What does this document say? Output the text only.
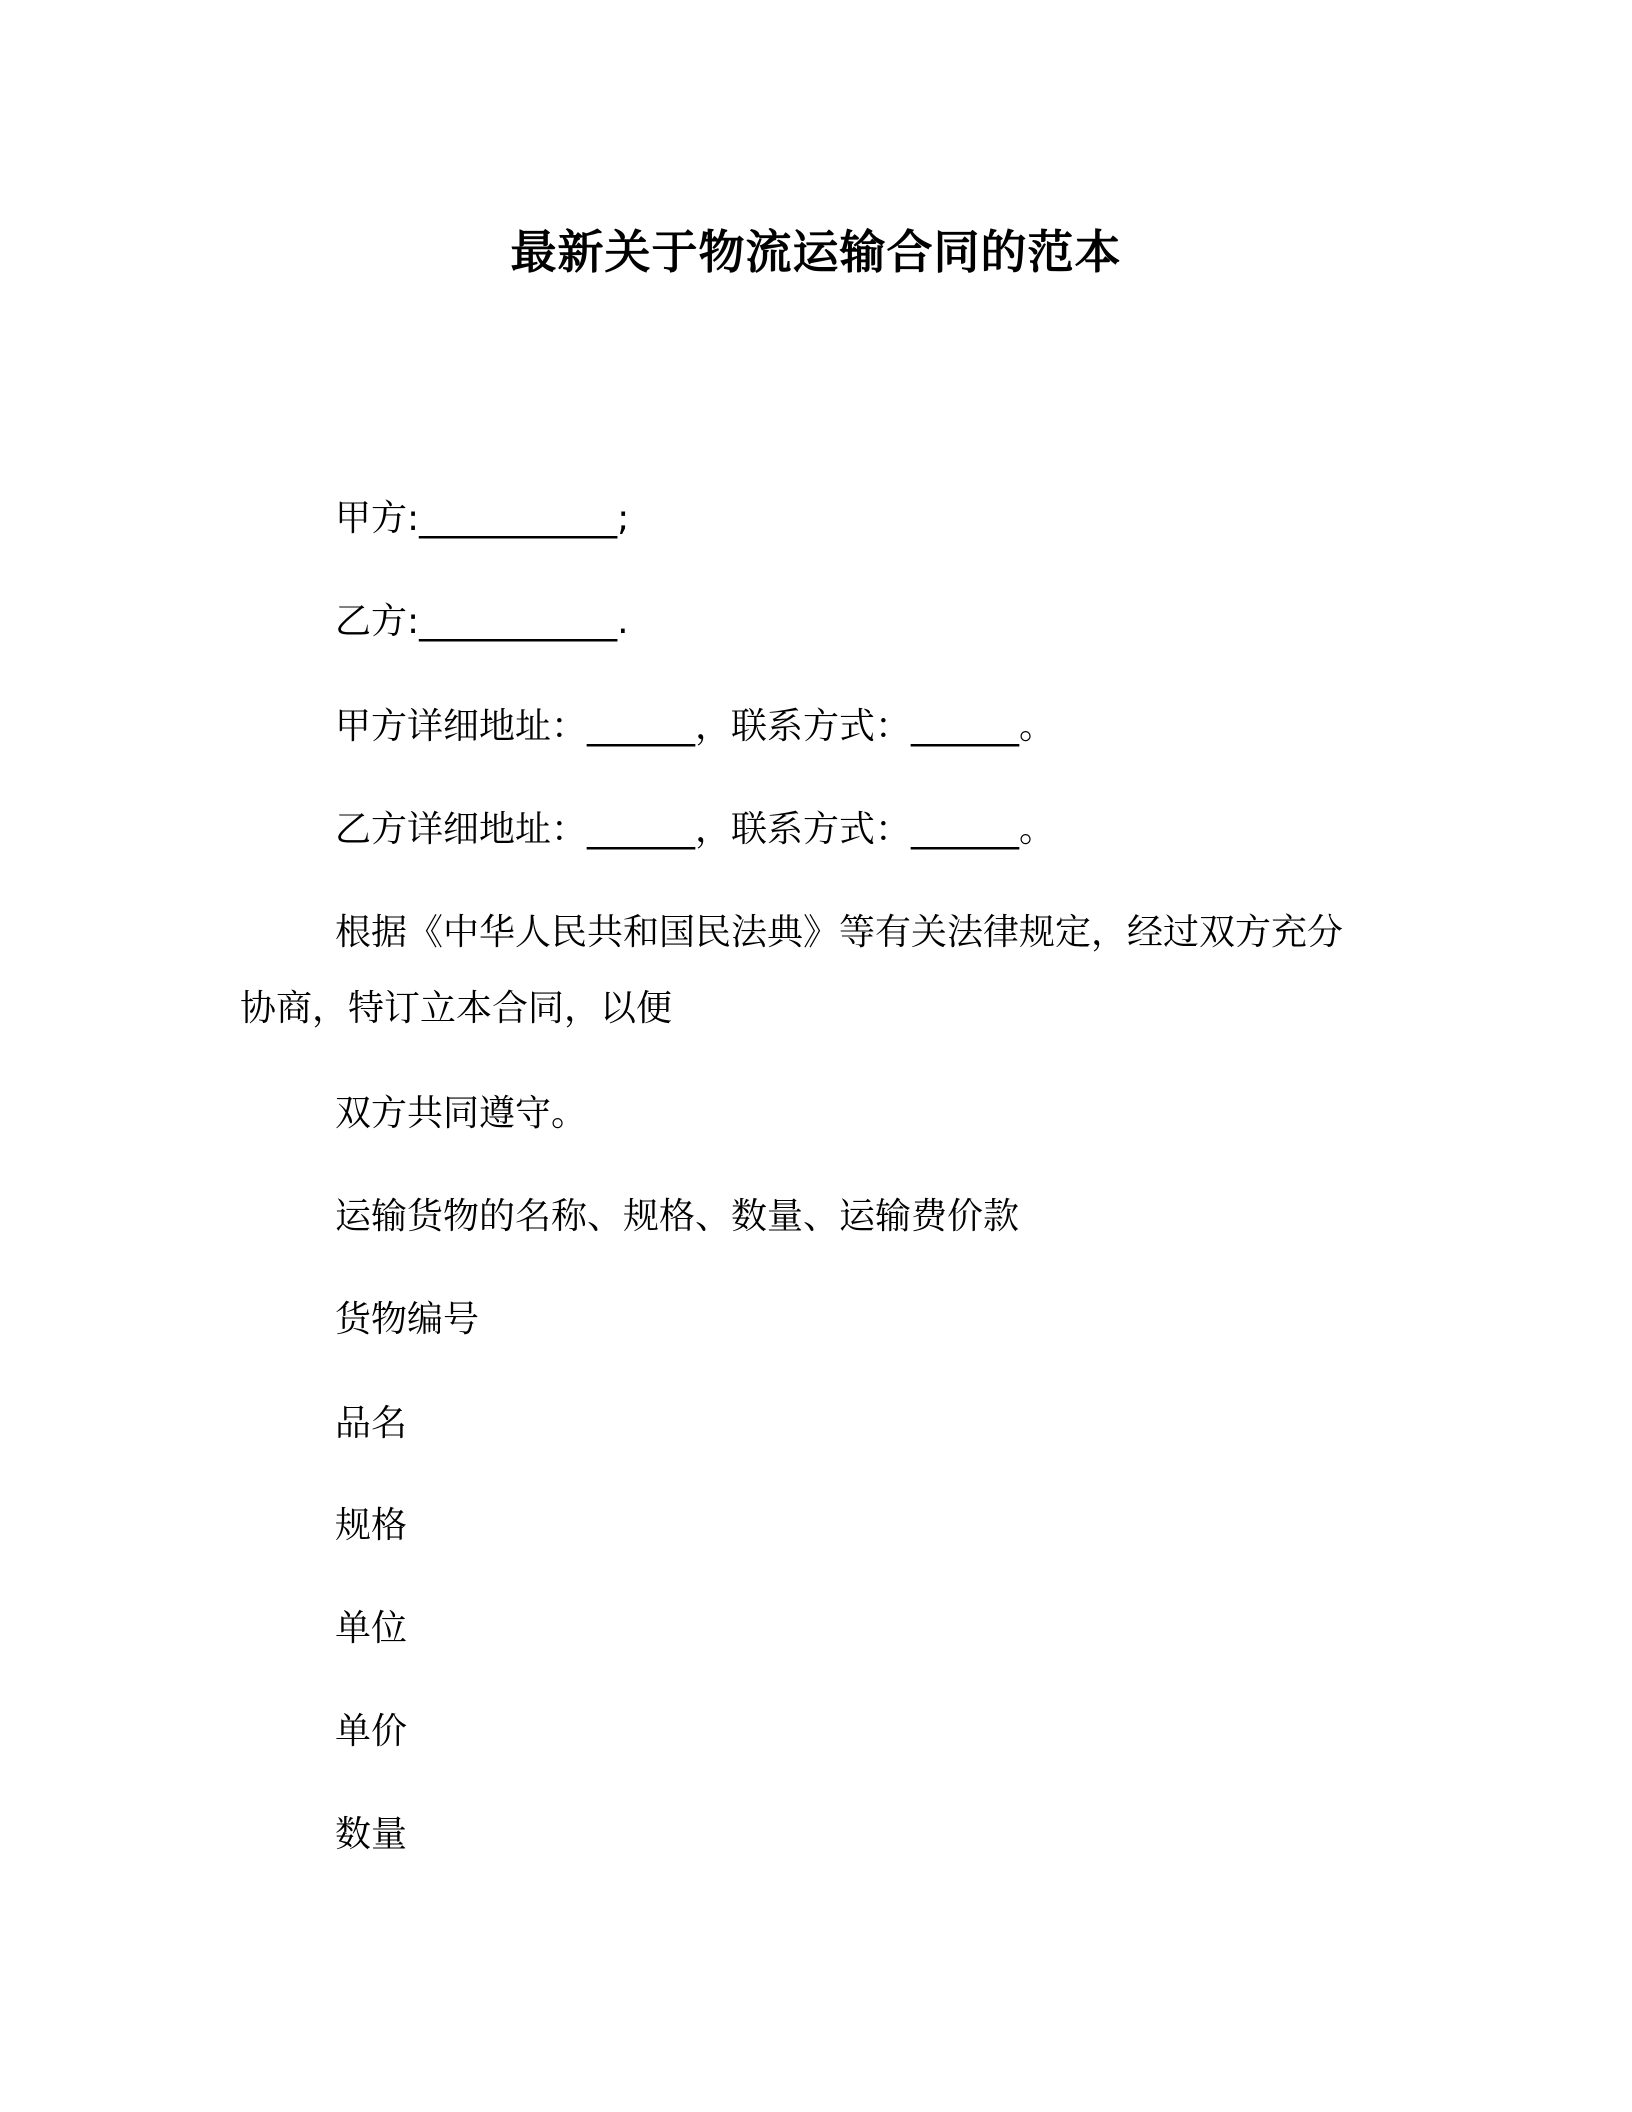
最新关于物流运输合同的范本
甲方:___________;
乙方:___________.
甲方详细地址：______，联系方式：______。
乙方详细地址：______，联系方式：______。
根据《中华人民共和国民法典》等有关法律规定，经过双方充分
协商，特订立本合同，以便
双方共同遵守。
运输货物的名称、规格、数量、运输费价款
货物编号
品名
规格
单位
单价
数量
